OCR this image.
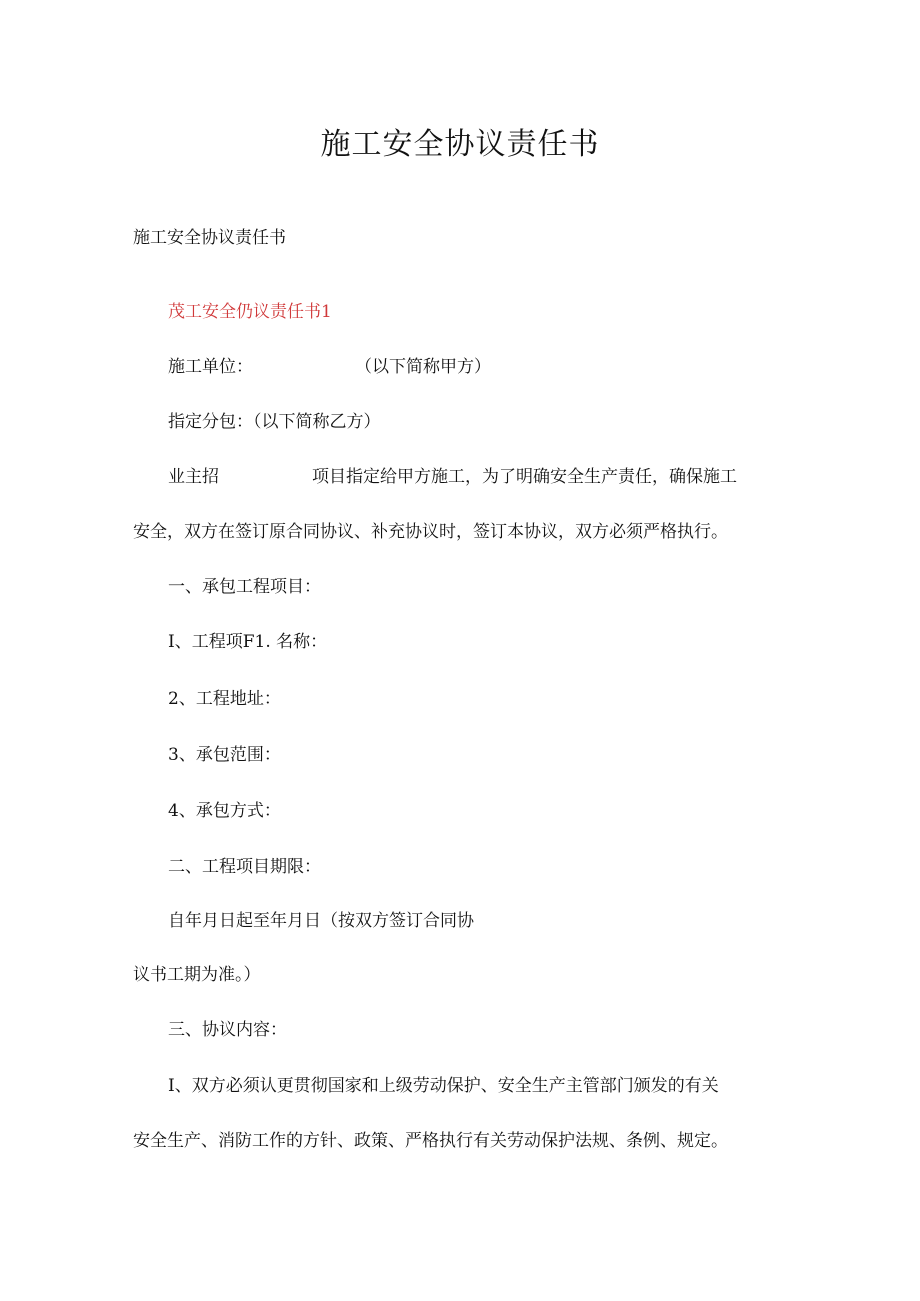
施工安全协议责任书
施工安全协议责任书
茂工安全仍议责任书1
施工单位：	（以下简称甲方）
指定分包：（以下简称乙方）
业主招	项目指定给甲方施工，为了明确安全生产责任，确保施工
安全，双方在签订原合同协议、补充协议时，签订本协议，双方必须严格执行。
一、承包工程项目：
I、工程项F1. 名称：
2、工程地址：
3、承包范围：
4、承包方式：
二、工程项目期限：
自年月日起至年月日（按双方签订合同协
议书工期为准。）
三、协议内容：
I、双方必须认更贯彻国家和上级劳动保护、安全生产主管部门颁发的有关
安全生产、消防工作的方针、政策、严格执行有关劳动保护法规、条例、规定。
